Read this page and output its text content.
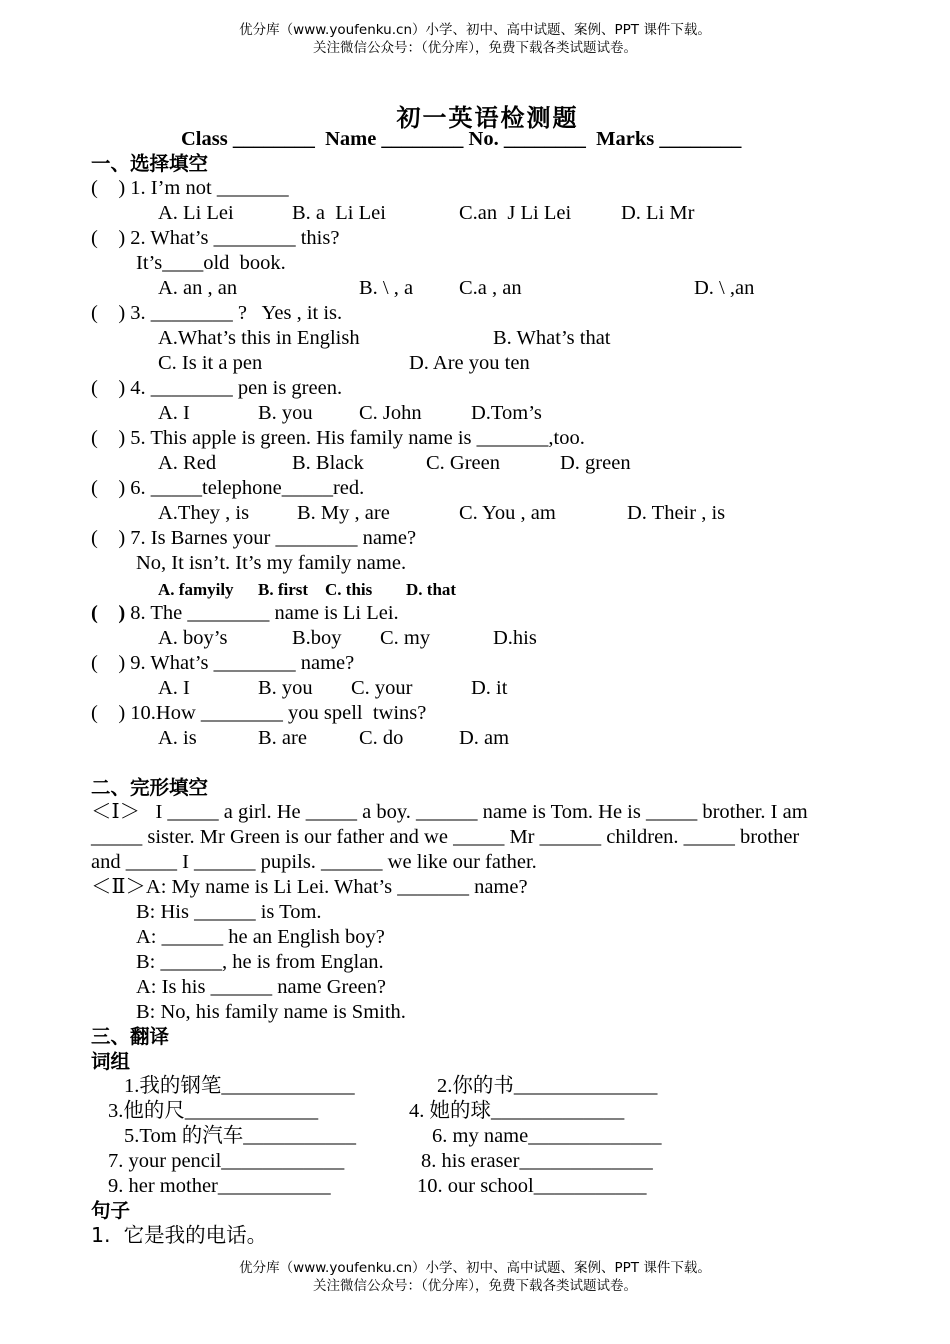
优分库（www.youfenku.cn）小学、初中、高中试题、案例、PPT 课件下载。
关注微信公众号：（优分库），免费下载各类试题试卷。
初一英语检测题
Class ________  Name ________ No. ________  Marks ________
一、选择填空
(    ) 1. I’m not _______
A. Li Lei	B. a  Li Lei	C.an  J Li Lei D. Li Mr
(    ) 2. What’s ________ this?
It’s____old  book.
A. an , an	B. \ , a C.a , an	D. \ ,an
(    ) 3. ________ ?   Yes , it is.
A.What’s this in English	B. What’s that
C. Is it a pen	D. Are you ten
(    ) 4. ________ pen is green.
A. I	B. you C. John D.Tom’s
(    ) 5. This apple is green. His family name is _______,too.
A. Red	B. Black	C. Green	D. green
(    ) 6. _____telephone_____red.
A.They , is B. My , are	C. You , am	D. Their , is
(    ) 7. Is Barnes your ________ name?
No, It isn’t. It’s my family name.
A. famyily B. first C. this D. that
(    ) 8. The ________ name is Li Lei.
A. boy’s	B.boy C. my	D.his
(    ) 9. What’s ________ name?
A. I	B. you C. your	D. it
(    ) 10.How ________ you spell  twins?
A. is	B. are	C. do	D. am
二、完形填空
＜Ⅰ＞   I _____ a girl. He _____ a boy. ______ name is Tom. He is _____ brother. I am
_____ sister. Mr Green is our father and we _____ Mr ______ children. _____ brother
and _____ I ______ pupils. ______ we like our father.
＜Ⅱ＞A: My name is Li Lei. What’s _______ name?
B: His ______ is Tom.
A: ______ he an English boy?
B: ______, he is from Englan.
A: Is his ______ name Green?
B: No, his family name is Smith.
三、翻译
词组
1.我的钢笔_____________	2.你的书______________
3.他的尺_____________	4. 她的球_____________
5.Tom 的汽车___________	6. my name_____________
7. your pencil____________	8. his eraser_____________
9. her mother___________	10. our school___________
句子
1.  它是我的电话。
优分库（www.youfenku.cn）小学、初中、高中试题、案例、PPT 课件下载。
关注微信公众号：（优分库），免费下载各类试题试卷。
